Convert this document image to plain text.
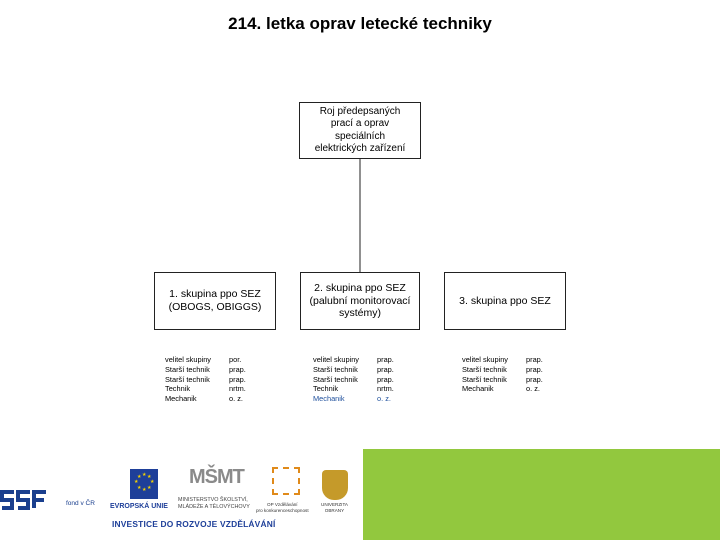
214. letka oprav letecké techniky
Roj předepsaných
prací a oprav
speciálních
elektrických zařízení
1. skupina ppo SEZ
(OBOGS, OBIGGS)
2. skupina ppo SEZ
(palubní monitorovací
systémy)
3. skupina ppo SEZ
velitel skupiny
Starší technik
Starší technik
Technik
Mechanik
por.
prap.
prap.
nrtm.
o. z.
velitel skupiny
Starší technik
Starší technik
Technik
Mechanik
prap.
prap.
prap.
nrtm.
o. z.
velitel skupiny
Starší technik
Starší technik
Mechanik
prap.
prap.
prap.
o. z.
fond v ČR
★ ★
★
★
★
★
★
★
EVROPSKÁ UNIE
MŠMT
MINISTERSTVO ŠKOLSTVÍ,
MLÁDEŽE A TĚLOVÝCHOVY	OP Vzdělávání
pro konkurenceschopnost
UNIVERZITA
OBRANY
INVESTICE DO ROZVOJE VZDĚLÁVÁNÍ
